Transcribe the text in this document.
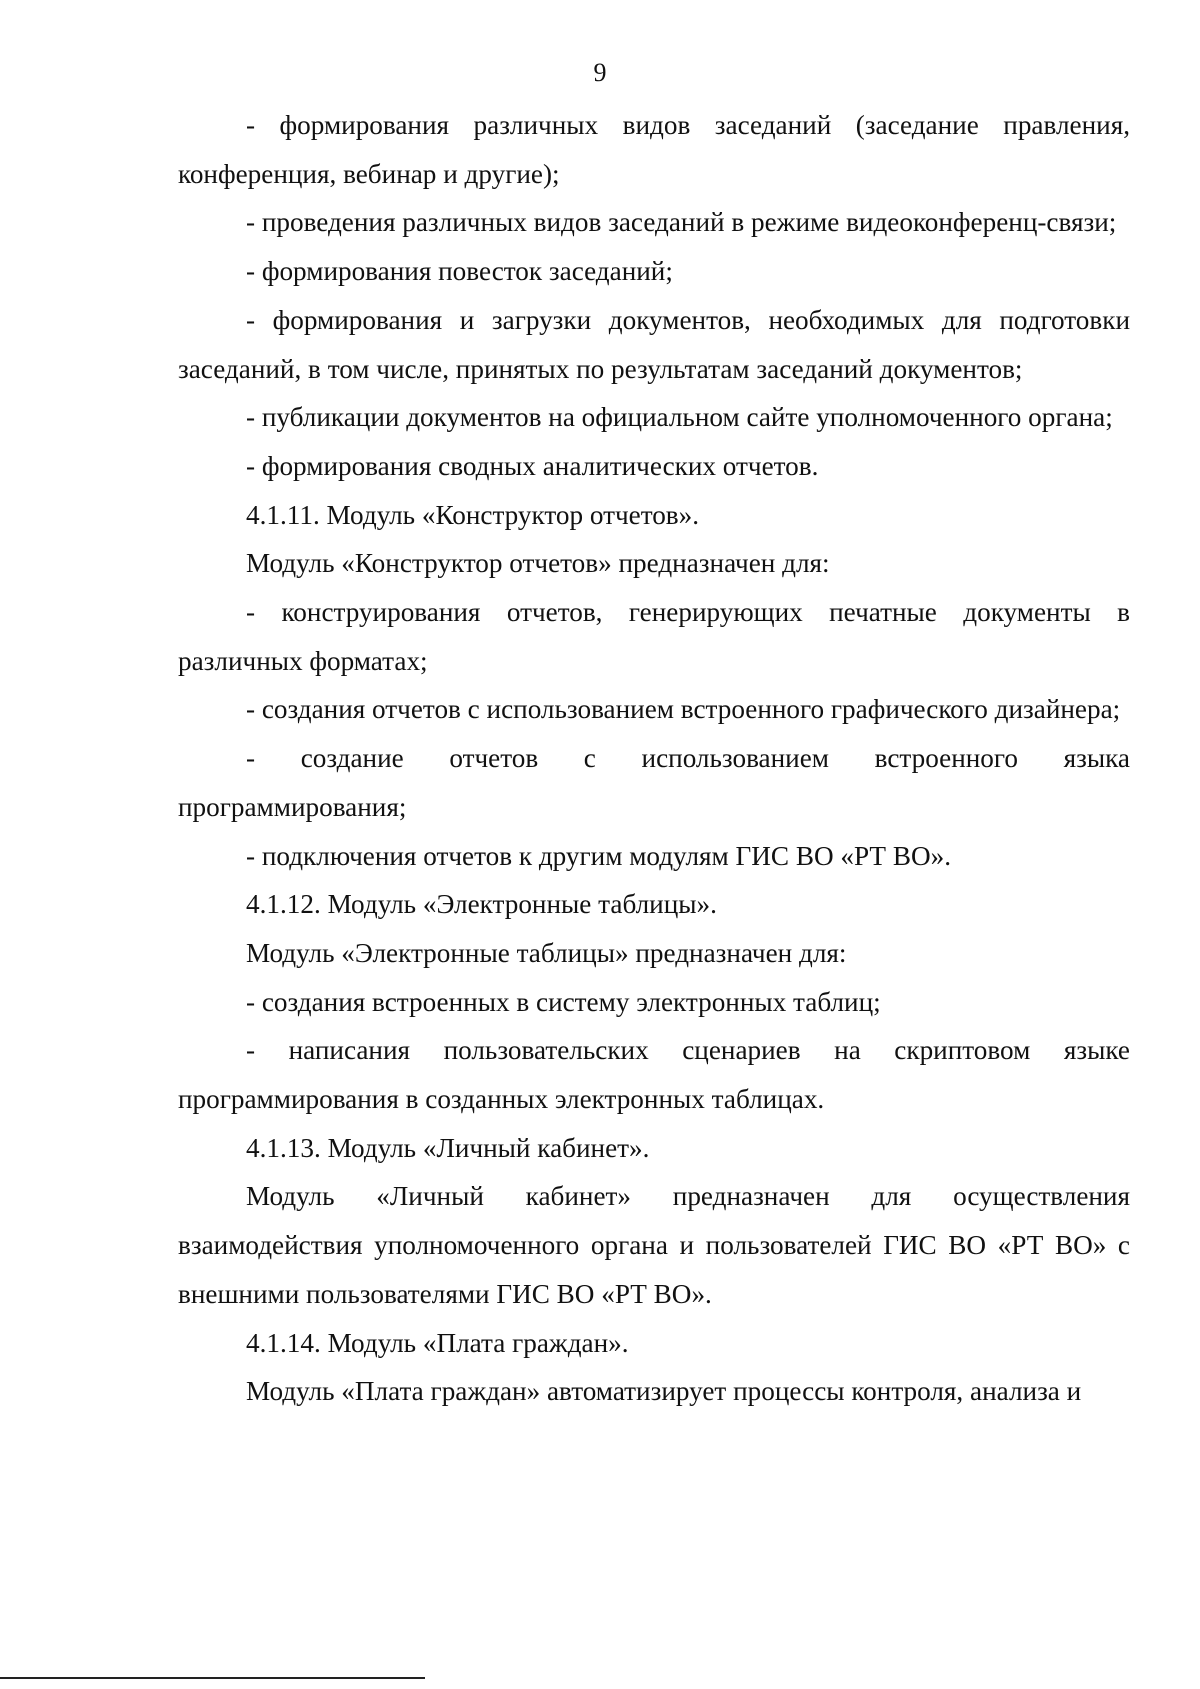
9

- формирования различных видов заседаний (заседание правления, конференция, вебинар и другие);

- проведения различных видов заседаний в режиме видеоконференц-связи;

- формирования повесток заседаний;

- формирования и загрузки документов, необходимых для подготовки заседаний, в том числе, принятых по результатам заседаний документов;

- публикации документов на официальном сайте уполномоченного органа;

- формирования сводных аналитических отчетов.

4.1.11. Модуль «Конструктор отчетов».

Модуль «Конструктор отчетов» предназначен для:

- конструирования отчетов, генерирующих печатные документы в различных форматах;

- создания отчетов с использованием встроенного графического дизайнера;

- создание отчетов с использованием встроенного языка программирования;

- подключения отчетов к другим модулям ГИС ВО «РТ ВО».

4.1.12. Модуль «Электронные таблицы».

Модуль «Электронные таблицы» предназначен для:

- создания встроенных в систему электронных таблиц;

- написания пользовательских сценариев на скриптовом языке программирования в созданных электронных таблицах.

4.1.13. Модуль «Личный кабинет».

Модуль «Личный кабинет» предназначен для осуществления взаимодействия уполномоченного органа и пользователей ГИС ВО «РТ ВО» с внешними пользователями ГИС ВО «РТ ВО».

4.1.14. Модуль «Плата граждан».

Модуль «Плата граждан» автоматизирует процессы контроля, анализа и
